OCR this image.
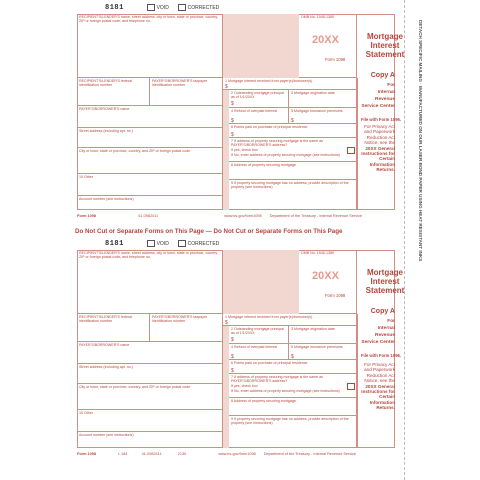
DETACH SPECIFIC MAILING · MANUFACTURED ON OUR LASER BOND PAPER USING HEAT RESISTANT INKS
8181	VOID	CORRECTED
RECIPIENT'S/LENDER'S name, street address, city or town, state or province, country, ZIP or foreign postal code, and telephone no.
RECIPIENT'S/LENDER'S federal identification number
PAYER'S/BORROWER'S taxpayer identification number
PAYER'S/BORROWER'S name
Street address (including apt. no.)
City or town, state or province, country, and ZIP or foreign postal code
10 Other
Account number (see instructions)
OMB No. 1545-1380
20XX
Form 1098
Mortgage
Interest
Statement
1 Mortgage interest received from payer(s)/borrower(s)
$
2 Outstanding mortgage principal as of 1/1/20XX
$
3 Mortgage origination date
4 Refund of overpaid interest
$
5 Mortgage insurance premiums
$
6 Points paid on purchase of principal residence
$
7 If address of property securing mortgage is the same as PAYER'S/BORROWER'S address?
If yes, check box
If No, enter address of property securing mortgage (see instructions)
8 Address of property securing mortgage
9 If property securing mortgage has no address, provide description of the property (see instructions)
Copy A
For
Internal Revenue
Service Center
File with Form 1096.
For Privacy Act
and Paperwork
Reduction Act
Notice, see the
20XX General
Instructions for
Certain
Information
Returns.
Form 1098	41-0982411	www.irs.gov/form1098 Department of the Treasury - Internal Revenue Service
Do Not Cut or Separate Forms on This Page — Do Not Cut or Separate Forms on This Page
8181	VOID	CORRECTED
RECIPIENT'S/LENDER'S name, street address, city or town, state or province, country, ZIP or foreign postal code, and telephone no.
RECIPIENT'S/LENDER'S federal identification number
PAYER'S/BORROWER'S taxpayer identification number
PAYER'S/BORROWER'S name
Street address (including apt. no.)
City or town, state or province, country, and ZIP or foreign postal code
10 Other
Account number (see instructions)
OMB No. 1545-1380
20XX
Form 1098
Mortgage
Interest
Statement
1 Mortgage interest received from payer(s)/borrower(s)
$
2 Outstanding mortgage principal as of 1/1/20XX
$
3 Mortgage origination date
4 Refund of overpaid interest
$
5 Mortgage insurance premiums
$
6 Points paid on purchase of principal residence
$
7 If address of property securing mortgage is the same as PAYER'S/BORROWER'S address?
If yes, check box
If No, enter address of property securing mortgage (see instructions)
8 Address of property securing mortgage
9 If property securing mortgage has no address, provide description of the property (see instructions)
Copy A
For
Internal Revenue
Service Center
File with Form 1096.
For Privacy Act
and Paperwork
Reduction Act
Notice, see the
20XX General
Instructions for
Certain
Information
Returns.
Form 1098	L 184	41-0982411	2130	www.irs.gov/form1098 Department of the Treasury - Internal Revenue Service
